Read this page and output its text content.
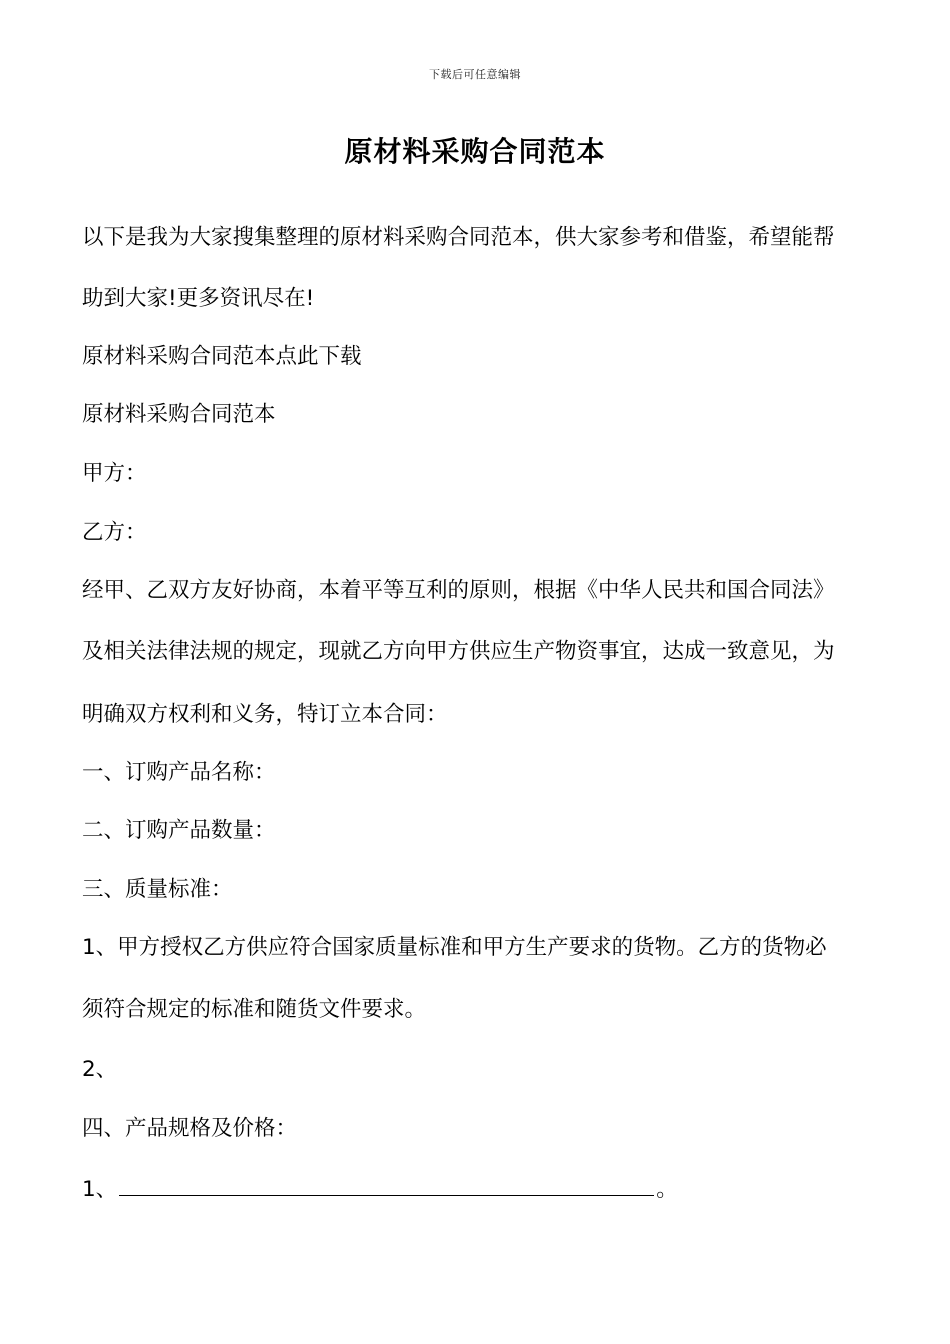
下载后可任意编辑
原材料采购合同范本
以下是我为大家搜集整理的原材料采购合同范本，供大家参考和借鉴，希望能帮
助到大家!更多资讯尽在!
原材料采购合同范本点此下载
原材料采购合同范本
甲方：
乙方：
经甲、乙双方友好协商，本着平等互利的原则，根据《中华人民共和国合同法》
及相关法律法规的规定，现就乙方向甲方供应生产物资事宜，达成一致意见，为
明确双方权利和义务，特订立本合同：
一、订购产品名称：
二、订购产品数量：
三、质量标准：
1、甲方授权乙方供应符合国家质量标准和甲方生产要求的货物。乙方的货物必
须符合规定的标准和随货文件要求。
2、
四、产品规格及价格：
1、	。
